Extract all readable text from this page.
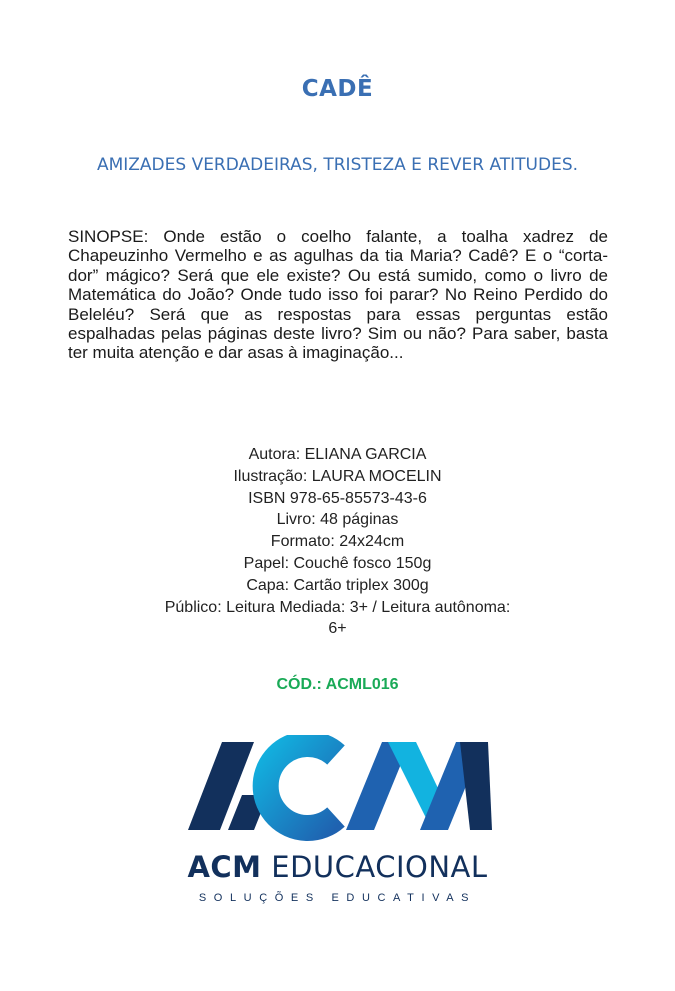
CADÊ
AMIZADES VERDADEIRAS, TRISTEZA E REVER ATITUDES.

SINOPSE: Onde estão o coelho falante, a toalha xadrez de Chapeuzinho Vermelho e as agulhas da tia Maria? Cadê? E o “corta-dor” mágico? Será que ele existe? Ou está sumido, como o livro de Matemática do João? Onde tudo isso foi parar? No Reino Perdido do Beleléu? Será que as respostas para essas perguntas estão espalhadas pelas páginas deste livro? Sim ou não? Para saber, basta ter muita atenção e dar asas à imaginação...

Autora: ELIANA GARCIA
Ilustração: LAURA MOCELIN
ISBN 978-65-85573-43-6
Livro: 48 páginas
Formato: 24x24cm
Papel: Couchê fosco 150g
Capa: Cartão triplex 300g
Público: Leitura Mediada: 3+ / Leitura autônoma: 6+
CÓD.: ACML016
ACM EDUCACIONAL
SOLUÇÕES EDUCATIVAS
